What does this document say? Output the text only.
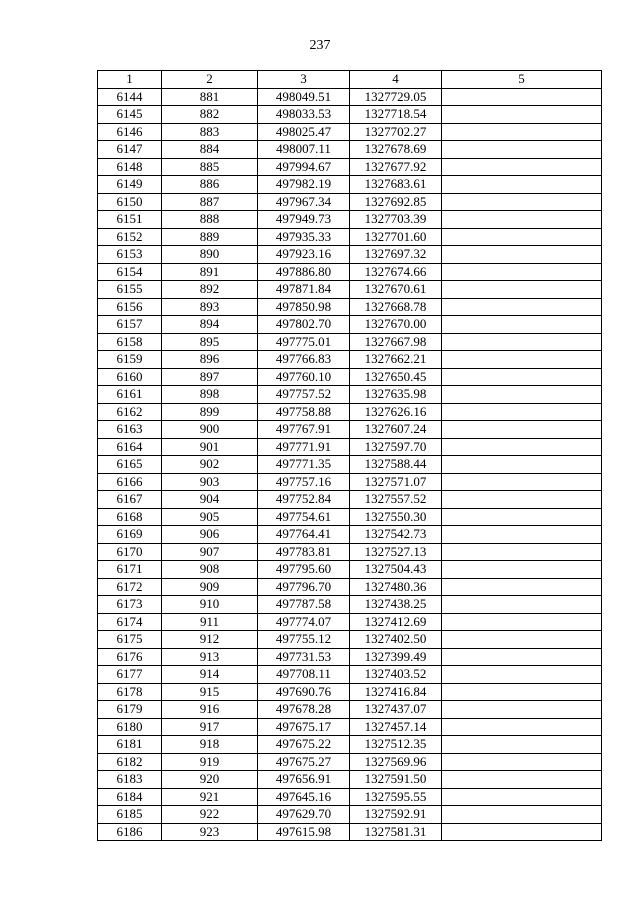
237
1	2	3	4	5
6144	881	498049.51	1327729.05	
6145	882	498033.53	1327718.54	
6146	883	498025.47	1327702.27	
6147	884	498007.11	1327678.69	
6148	885	497994.67	1327677.92	
6149	886	497982.19	1327683.61	
6150	887	497967.34	1327692.85	
6151	888	497949.73	1327703.39	
6152	889	497935.33	1327701.60	
6153	890	497923.16	1327697.32	
6154	891	497886.80	1327674.66	
6155	892	497871.84	1327670.61	
6156	893	497850.98	1327668.78	
6157	894	497802.70	1327670.00	
6158	895	497775.01	1327667.98	
6159	896	497766.83	1327662.21	
6160	897	497760.10	1327650.45	
6161	898	497757.52	1327635.98	
6162	899	497758.88	1327626.16	
6163	900	497767.91	1327607.24	
6164	901	497771.91	1327597.70	
6165	902	497771.35	1327588.44	
6166	903	497757.16	1327571.07	
6167	904	497752.84	1327557.52	
6168	905	497754.61	1327550.30	
6169	906	497764.41	1327542.73	
6170	907	497783.81	1327527.13	
6171	908	497795.60	1327504.43	
6172	909	497796.70	1327480.36	
6173	910	497787.58	1327438.25	
6174	911	497774.07	1327412.69	
6175	912	497755.12	1327402.50	
6176	913	497731.53	1327399.49	
6177	914	497708.11	1327403.52	
6178	915	497690.76	1327416.84	
6179	916	497678.28	1327437.07	
6180	917	497675.17	1327457.14	
6181	918	497675.22	1327512.35	
6182	919	497675.27	1327569.96	
6183	920	497656.91	1327591.50	
6184	921	497645.16	1327595.55	
6185	922	497629.70	1327592.91	
6186	923	497615.98	1327581.31	
